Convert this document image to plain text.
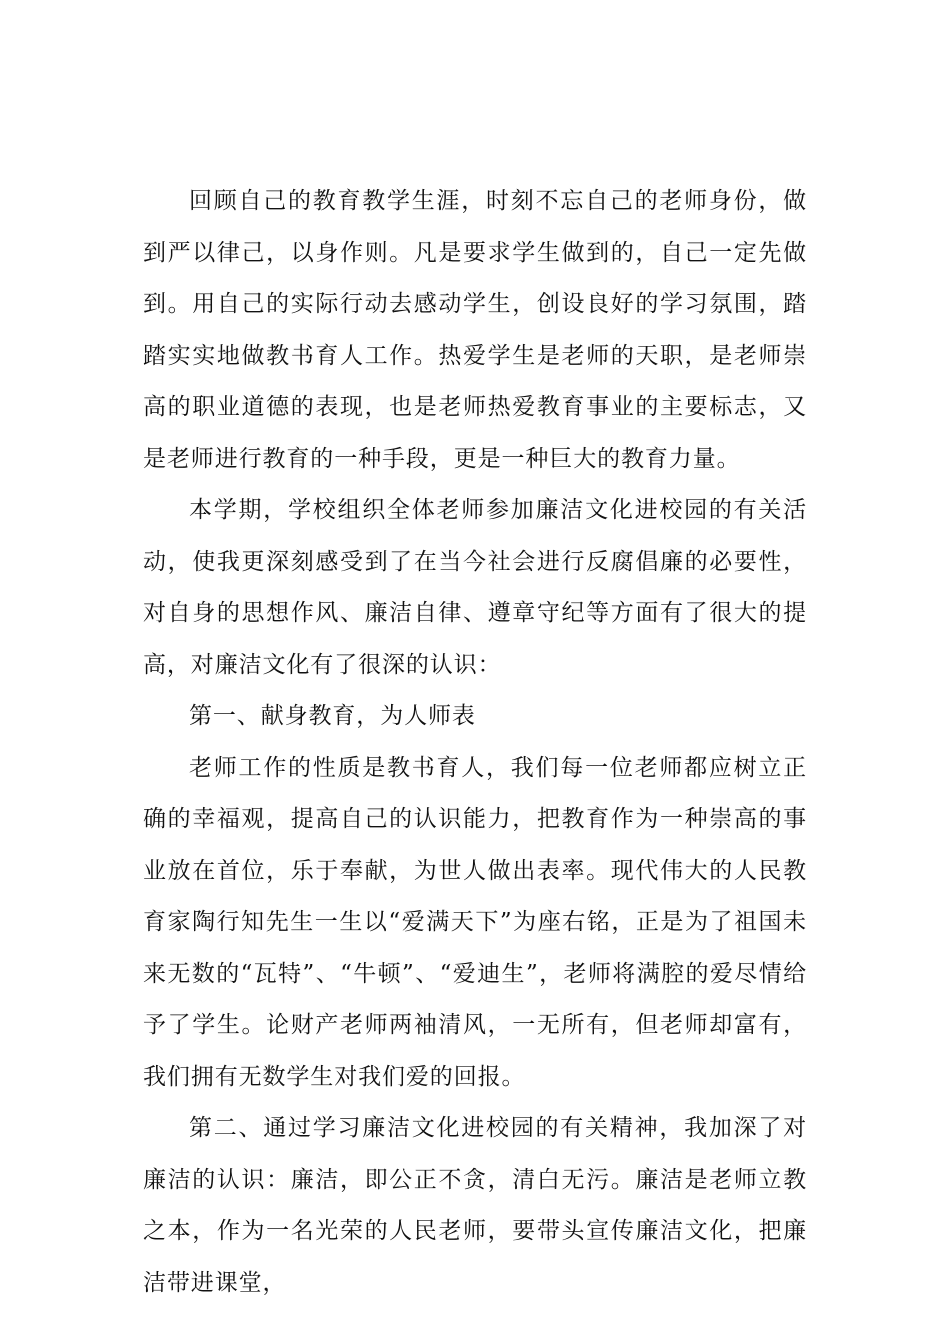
回顾自己的教育教学生涯，时刻不忘自己的老师身份，做到严以律己，以身作则。凡是要求学生做到的，自己一定先做到。用自己的实际行动去感动学生，创设良好的学习氛围，踏踏实实地做教书育人工作。热爱学生是老师的天职，是老师崇高的职业道德的表现，也是老师热爱教育事业的主要标志，又是老师进行教育的一种手段，更是一种巨大的教育力量。

本学期，学校组织全体老师参加廉洁文化进校园的有关活动，使我更深刻感受到了在当今社会进行反腐倡廉的必要性，对自身的思想作风、廉洁自律、遵章守纪等方面有了很大的提高，对廉洁文化有了很深的认识：

第一、献身教育，为人师表

老师工作的性质是教书育人，我们每一位老师都应树立正确的幸福观，提高自己的认识能力，把教育作为一种崇高的事业放在首位，乐于奉献，为世人做出表率。现代伟大的人民教育家陶行知先生一生以“爱满天下”为座右铭，正是为了祖国未来无数的“瓦特”、“牛顿”、“爱迪生”，老师将满腔的爱尽情给予了学生。论财产老师两袖清风，一无所有，但老师却富有，我们拥有无数学生对我们爱的回报。

第二、通过学习廉洁文化进校园的有关精神，我加深了对廉洁的认识：廉洁，即公正不贪，清白无污。廉洁是老师立教之本，作为一名光荣的人民老师，要带头宣传廉洁文化，把廉洁带进课堂，
